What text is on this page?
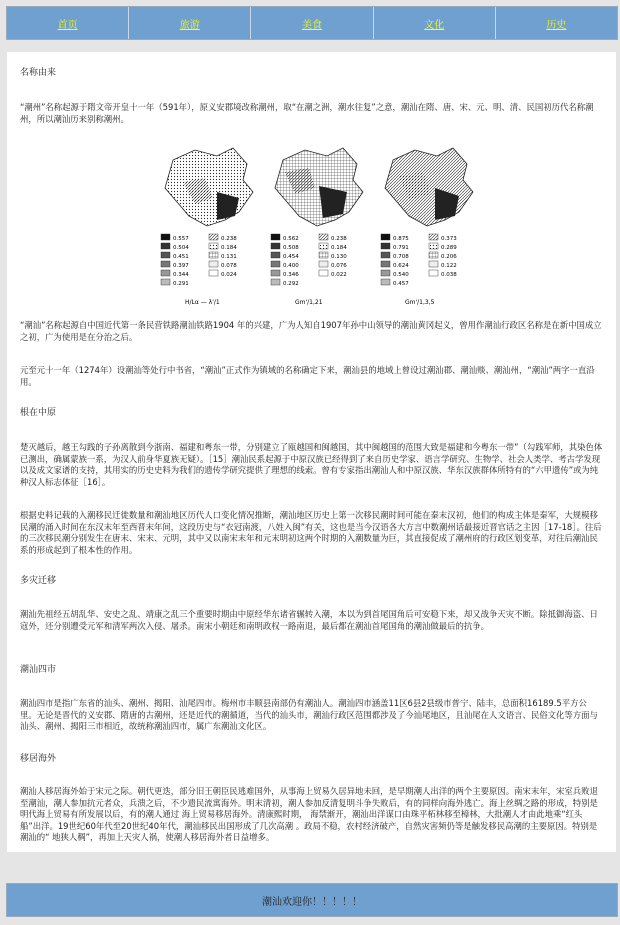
首页	旅游	美食	文化	历史
名称由来

“潮州”名称起源于隋文帝开皇十一年（591年），原义安郡境改称潮州，取“在潮之洲，潮水往复”之意，潮汕在隋、唐、宋、元、明、清、民国初历代名称潮州，所以潮汕历来别称潮州。

0.557
0.504
0.451
0.397
0.344
0.291
0.238
0.184
0.131
0.078
0.024
H/Lα — λ'/1
0.562
0.508
0.454
0.400
0.346
0.292
0.238
0.184
0.130
0.076
0.022
Gm'/1,21
0.875
0.791
0.708
0.624
0.540
0.457
0.373
0.289
0.206
0.122
0.038
Gm'/1,3,5

“潮汕”名称起源自中国近代第一条民营铁路潮汕铁路1904 年的兴建，广为人知自1907年孙中山领导的潮汕黄冈起义，曾用作潮汕行政区名称是在新中国成立之初，广为使用是在分治之后。

元至元十一年（1274年）设潮汕等处行中书省，“潮汕”正式作为镇域的名称确定下来，潮汕县的地域上曾设过潮汕郡、潮汕赕、潮汕州，“潮汕”两字一直沿用。

根在中原

楚灭越后，越王勾践的子孙离散到今浙南、福建和粤东一带，分别建立了瓯越国和闽越国，其中闽越国的范围大致是福建和今粤东一带”（勾践军师，其染色体已测出，确属蒙族一系，为汉人前身华夏族无疑）。［15］潮汕民系起源于中原汉族已经得到了来自历史学家、语言学研究、生物学、社会人类学、考古学发现以及成文家谱的支持，其用实的历史史料为我们的遗传学研究提供了理想的线索。曾有专家指出潮汕人和中原汉族、华东汉族群体所特有的“六甲遗传”或为纯种汉人标志体征［16］。

根据史料记载的入潮移民迁徙数量和潮汕地区历代人口变化情况推断，潮汕地区历史上第一次移民潮时间可能在秦末汉初，他们的构成主体是秦军，大规模移民潮的涌入时间在东汉末年至西晋末年间，这段历史与“衣冠南渡，八姓入闽”有关，这也是当今汉语各大方言中数潮州话最接近晋官话之主因［17-18］。往后的三次移民潮分别发生在唐末、宋末、元明，其中又以南宋末年和元末明初这两个时期的入潮数量为巨，其直接促成了潮州府的行政区划变革，对往后潮汕民系的形成起到了根本性的作用。

多灾迁移

潮汕先祖经五胡乱华、安史之乱、靖康之乱三个重要时期由中原经华东诸省辗转入潮，本以为到首尾国角后可安稳下来，却又战争天灾不断。除抵御海盗、日寇外，还分别遭受元军和清军两次入侵、屠杀。南宋小朝廷和南明政权一路南退，最后都在潮汕首尾国角的潮汕做最后的抗争。

潮汕四市

潮汕四市是指广东省的汕头、潮州、揭阳、汕尾四市。梅州市丰顺县南部仍有潮汕人。潮汕四市涵盖11区6县2县级市普宁、陆丰，总面积16189.5平方公里。无论是晋代的义安郡、隋唐的古潮州，还是近代的潮循道，当代的汕头市，潮汕行政区范围都涉及了今汕尾地区，且汕尾在人文语言、民俗文化等方面与汕头、潮州、揭阳三市相近，故统称潮汕四市，属广东潮汕文化区。

移居海外

潮汕人移居海外始于宋元之际。朝代更迭，部分旧王朝臣民逃难国外，从事海上贸易久居异地未回，是早期潮人出洋的两个主要原因。南宋末年，宋室兵败退至潮汕，潮人参加抗元者众，兵溃之后，不少遗民流寓海外。明末清初，潮人参加反清复明斗争失败后，有的同样向海外逃亡。海上丝绸之路的形成，特别是明代海上贸易有所发展以后，有的潮人通过 海上贸易移居海外。清康熙时期， 海禁渐开，潮汕出洋谋口由珠平柘林移至樟林，大批潮人才由此地乘“红头船”出洋。19世纪60年代至20世纪40年代，潮汕移民出国形成了几次高潮 。政局不稳，农村经济破产，自然灾害频仍等是触发移民高潮的主要原因。特别是潮汕的“ 地狭人稠”，再加上天灾人祸，使潮人移居海外者日益增多。

潮汕欢迎你！！！！！
